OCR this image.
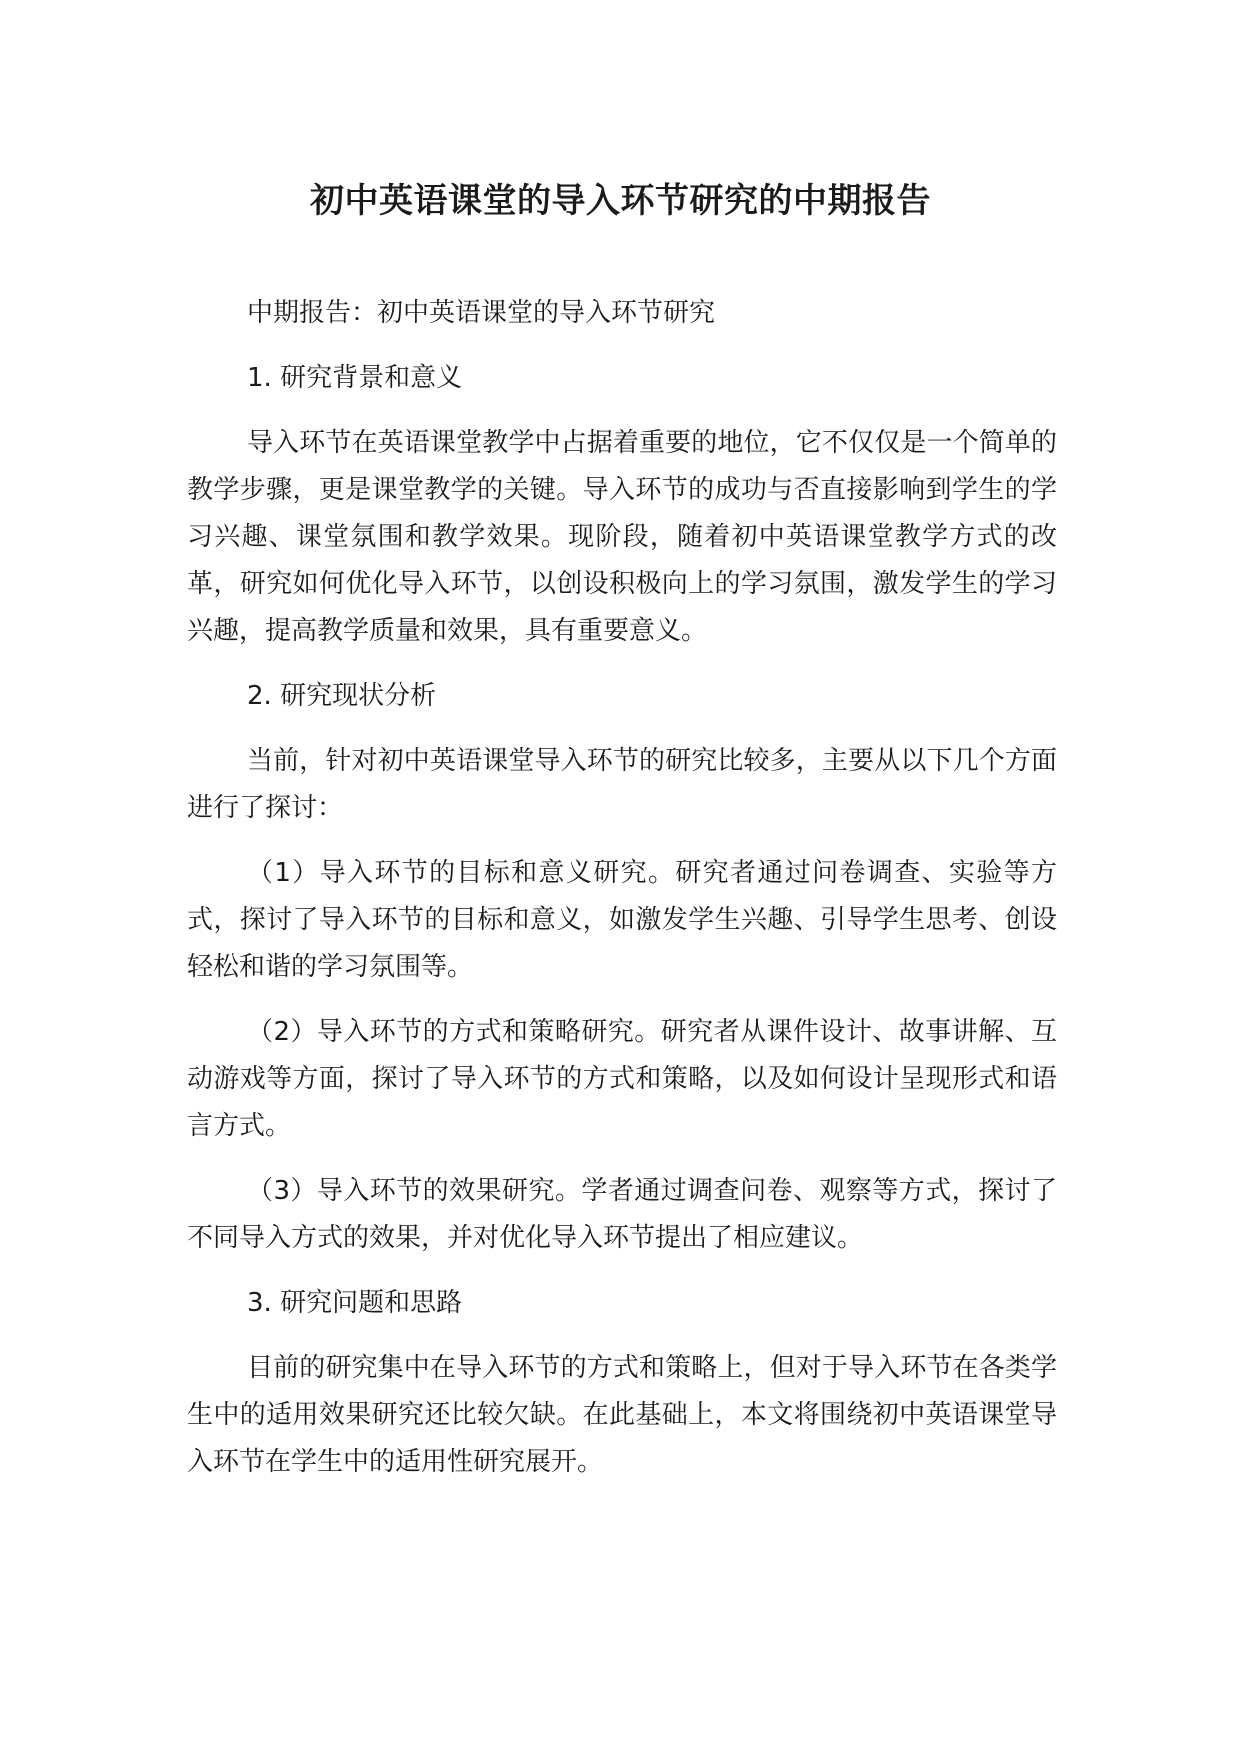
初中英语课堂的导入环节研究的中期报告

中期报告：初中英语课堂的导入环节研究

1. 研究背景和意义

导入环节在英语课堂教学中占据着重要的地位，它不仅仅是一个简单的教学步骤，更是课堂教学的关键。导入环节的成功与否直接影响到学生的学习兴趣、课堂氛围和教学效果。现阶段，随着初中英语课堂教学方式的改革，研究如何优化导入环节，以创设积极向上的学习氛围，激发学生的学习兴趣，提高教学质量和效果，具有重要意义。

2. 研究现状分析

当前，针对初中英语课堂导入环节的研究比较多，主要从以下几个方面进行了探讨：

（1）导入环节的目标和意义研究。研究者通过问卷调查、实验等方式，探讨了导入环节的目标和意义，如激发学生兴趣、引导学生思考、创设轻松和谐的学习氛围等。

（2）导入环节的方式和策略研究。研究者从课件设计、故事讲解、互动游戏等方面，探讨了导入环节的方式和策略，以及如何设计呈现形式和语言方式。

（3）导入环节的效果研究。学者通过调查问卷、观察等方式，探讨了不同导入方式的效果，并对优化导入环节提出了相应建议。

3. 研究问题和思路

目前的研究集中在导入环节的方式和策略上，但对于导入环节在各类学生中的适用效果研究还比较欠缺。在此基础上，本文将围绕初中英语课堂导入环节在学生中的适用性研究展开。
